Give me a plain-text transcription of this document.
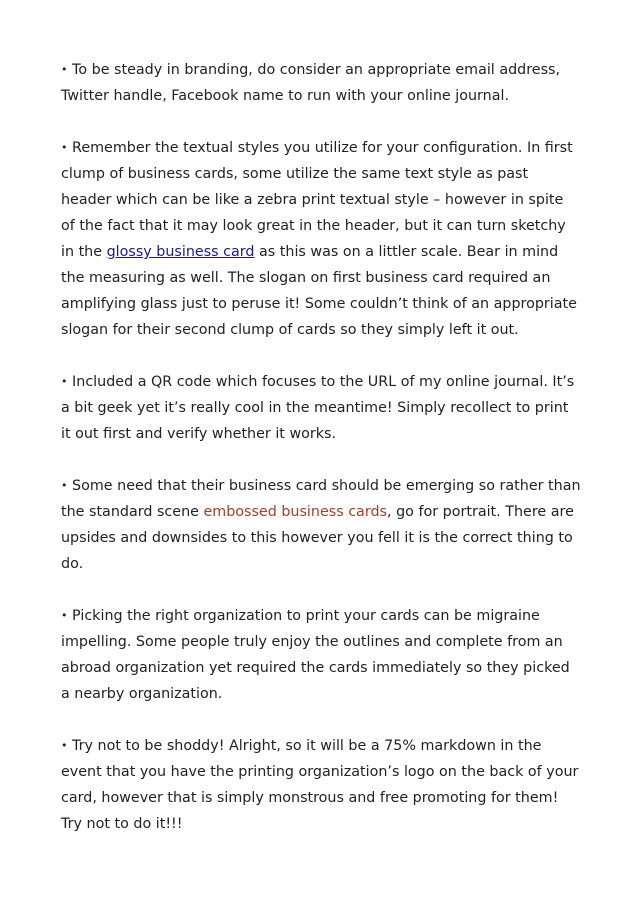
• To be steady in branding, do consider an appropriate email address, Twitter handle, Facebook name to run with your online journal.

• Remember the textual styles you utilize for your configuration. In first clump of business cards, some utilize the same text style as past header which can be like a zebra print textual style – however in spite of the fact that it may look great in the header, but it can turn sketchy in the glossy business card as this was on a littler scale. Bear in mind the measuring as well. The slogan on first business card required an amplifying glass just to peruse it! Some couldn’t think of an appropriate slogan for their second clump of cards so they simply left it out.

• Included a QR code which focuses to the URL of my online journal. It’s a bit geek yet it’s really cool in the meantime! Simply recollect to print it out first and verify whether it works.

• Some need that their business card should be emerging so rather than the standard scene embossed business cards, go for portrait. There are upsides and downsides to this however you fell it is the correct thing to do.

• Picking the right organization to print your cards can be migraine impelling. Some people truly enjoy the outlines and complete from an abroad organization yet required the cards immediately so they picked a nearby organization.

• Try not to be shoddy! Alright, so it will be a 75% markdown in the event that you have the printing organization’s logo on the back of your card, however that is simply monstrous and free promoting for them! Try not to do it!!!
